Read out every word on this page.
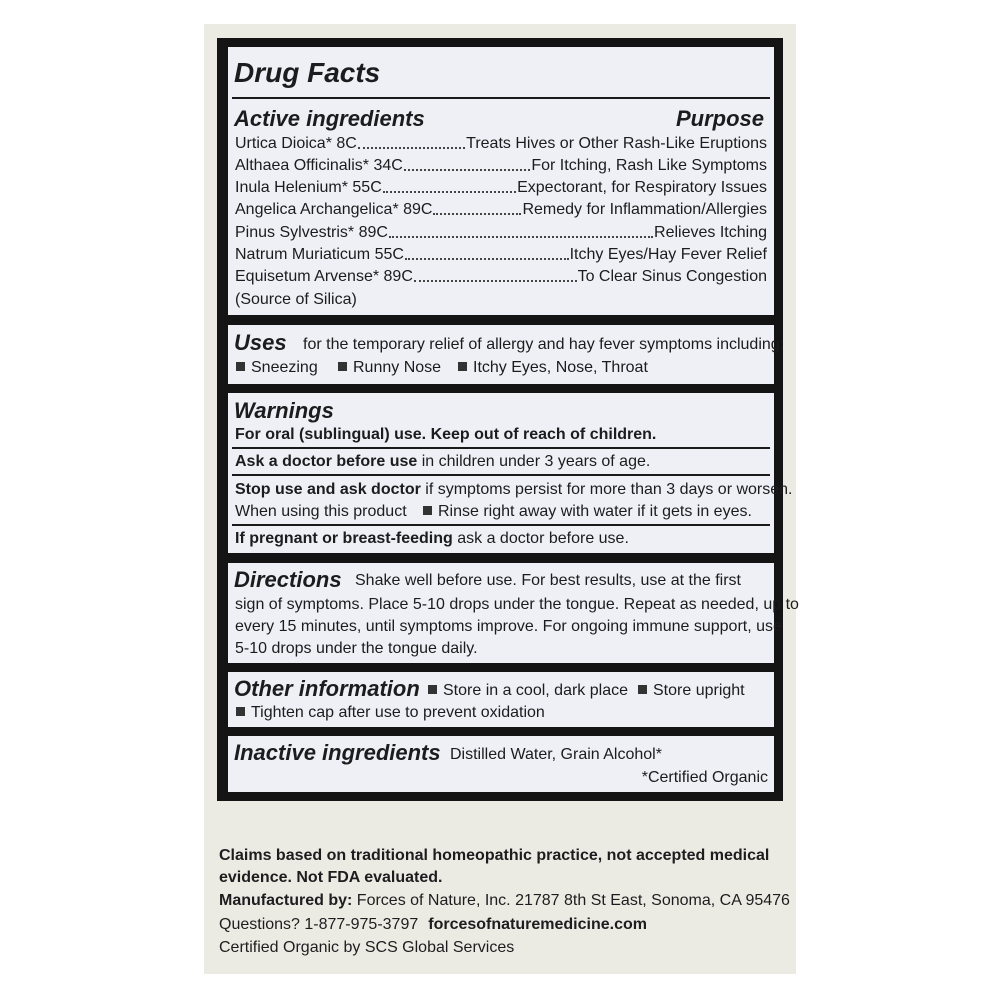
Drug Facts
Active ingredients	Purpose
Urtica Dioica* 8C	Treats Hives or Other Rash-Like Eruptions
Althaea Officinalis* 34C	For Itching, Rash Like Symptoms
Inula Helenium* 55C	Expectorant, for Respiratory Issues
Angelica Archangelica* 89C	Remedy for Inflammation/Allergies
Pinus Sylvestris* 89C	Relieves Itching
Natrum Muriaticum 55C	Itchy Eyes/Hay Fever Relief
Equisetum Arvense* 89C	To Clear Sinus Congestion
(Source of Silica)
Uses for the temporary relief of allergy and hay fever symptoms including:
Sneezing	Runny Nose	Itchy Eyes, Nose, Throat
Warnings
For oral (sublingual) use. Keep out of reach of children.
Ask a doctor before use in children under 3 years of age.
Stop use and ask doctor if symptoms persist for more than 3 days or worsen.
When using this product	Rinse right away with water if it gets in eyes.
If pregnant or breast-feeding ask a doctor before use.
Directions Shake well before use. For best results, use at the first
sign of symptoms. Place 5-10 drops under the tongue. Repeat as needed, up to
every 15 minutes, until symptoms improve. For ongoing immune support, use
5-10 drops under the tongue daily.
Other information	Store in a cool, dark place	Store upright
Tighten cap after use to prevent oxidation
Inactive ingredients Distilled Water, Grain Alcohol*
*Certified Organic
Claims based on traditional homeopathic practice, not accepted medical
evidence. Not FDA evaluated.
Manufactured by: Forces of Nature, Inc. 21787 8th St East, Sonoma, CA 95476
Questions? 1-877-975-3797 forcesofnaturemedicine.com
Certified Organic by SCS Global Services
